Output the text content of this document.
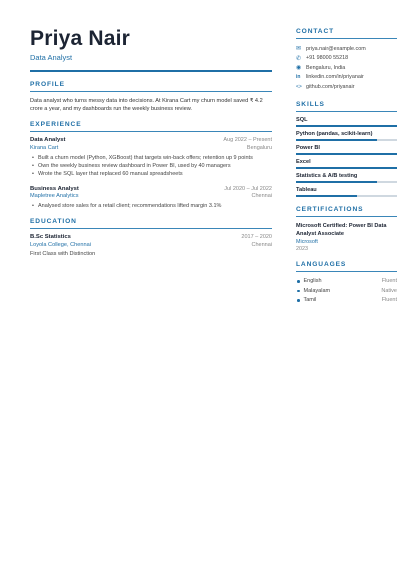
Priya Nair
Data Analyst
PROFILE
Data analyst who turns messy data into decisions. At Kirana Cart my churn model saved ₹ 4.2 crore a year, and my dashboards run the weekly business review.
EXPERIENCE
Data Analyst	Aug 2022 – Present
Kirana Cart	Bengaluru
• Built a churn model (Python, XGBoost) that targets win-back offers; retention up 9 points
• Own the weekly business review dashboard in Power BI, used by 40 managers
• Wrote the SQL layer that replaced 60 manual spreadsheets
Business Analyst	Jul 2020 – Jul 2022
Mapletree Analytics	Chennai
• Analysed store sales for a retail client; recommendations lifted margin 3.1%
EDUCATION
B.Sc Statistics	2017 – 2020
Loyola College, Chennai	Chennai
First Class with Distinction
CONTACT
✉ priya.nair@example.com
✆ +91 98000 55218
◉ Bengaluru, India
in	linkedin.com/in/priyanair
<> github.com/priyanair
SKILLS
SQL
Python (pandas, scikit-learn)
Power BI
Excel
Statistics & A/B testing
Tableau
CERTIFICATIONS
Microsoft Certified: Power BI Data Analyst Associate
Microsoft
2023
LANGUAGES
English	Fluent
Malayalam	Native
Tamil	Fluent
